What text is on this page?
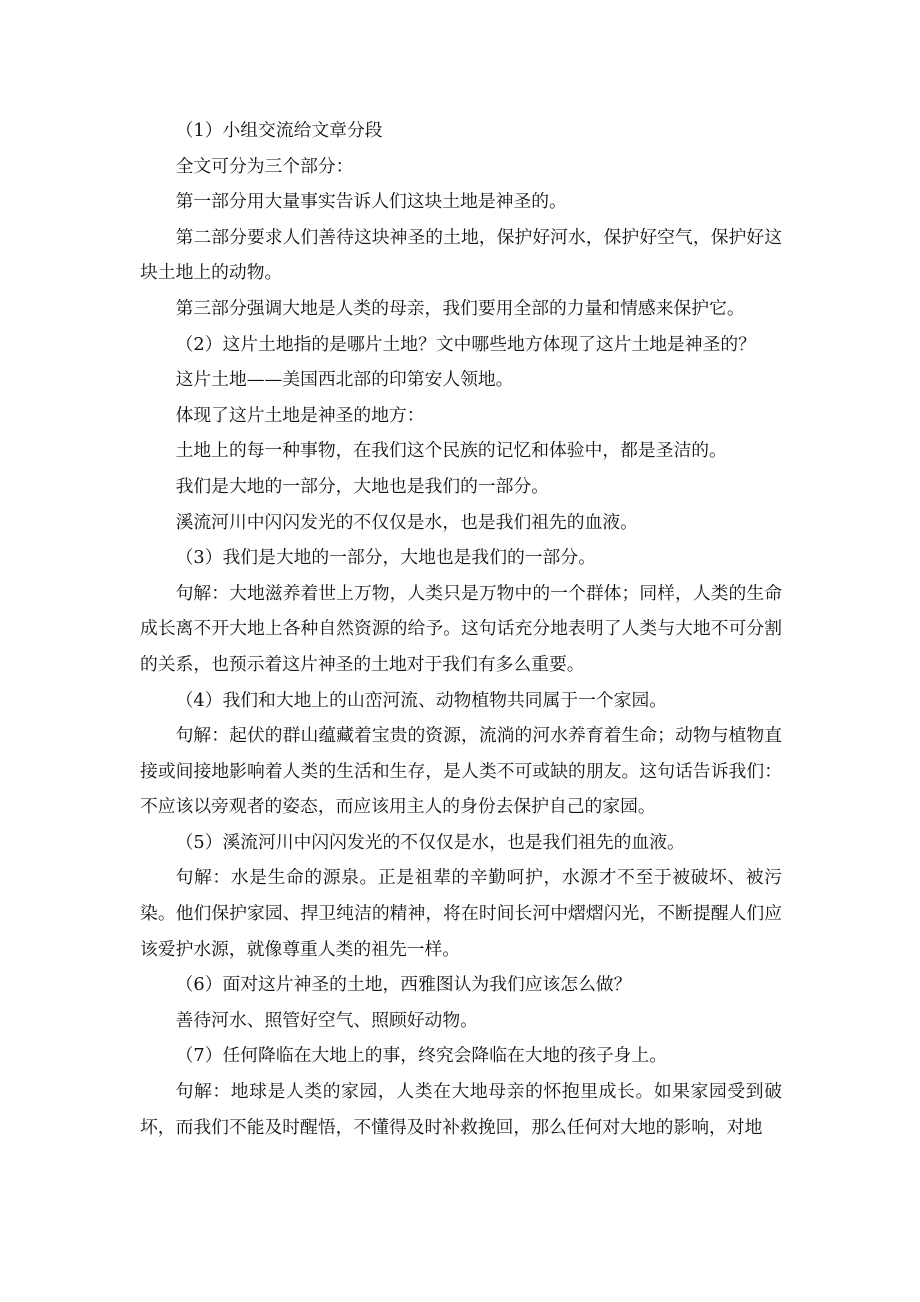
（1）小组交流给文章分段

全文可分为三个部分：

第一部分用大量事实告诉人们这块土地是神圣的。

第二部分要求人们善待这块神圣的土地，保护好河水，保护好空气，保护好这块土地上的动物。

第三部分强调大地是人类的母亲，我们要用全部的力量和情感来保护它。

（2）这片土地指的是哪片土地？文中哪些地方体现了这片土地是神圣的？

这片土地——美国西北部的印第安人领地。

体现了这片土地是神圣的地方：

土地上的每一种事物，在我们这个民族的记忆和体验中，都是圣洁的。

我们是大地的一部分，大地也是我们的一部分。

溪流河川中闪闪发光的不仅仅是水，也是我们祖先的血液。

（3）我们是大地的一部分，大地也是我们的一部分。

句解：大地滋养着世上万物，人类只是万物中的一个群体；同样，人类的生命成长离不开大地上各种自然资源的给予。这句话充分地表明了人类与大地不可分割的关系，也预示着这片神圣的土地对于我们有多么重要。

（4）我们和大地上的山峦河流、动物植物共同属于一个家园。

句解：起伏的群山蕴藏着宝贵的资源，流淌的河水养育着生命；动物与植物直接或间接地影响着人类的生活和生存，是人类不可或缺的朋友。这句话告诉我们：不应该以旁观者的姿态，而应该用主人的身份去保护自己的家园。

（5）溪流河川中闪闪发光的不仅仅是水，也是我们祖先的血液。

句解：水是生命的源泉。正是祖辈的辛勤呵护，水源才不至于被破坏、被污染。他们保护家园、捍卫纯洁的精神，将在时间长河中熠熠闪光，不断提醒人们应该爱护水源，就像尊重人类的祖先一样。

（6）面对这片神圣的土地，西雅图认为我们应该怎么做？

善待河水、照管好空气、照顾好动物。

（7）任何降临在大地上的事，终究会降临在大地的孩子身上。

句解：地球是人类的家园，人类在大地母亲的怀抱里成长。如果家园受到破坏，而我们不能及时醒悟，不懂得及时补救挽回，那么任何对大地的影响，对地
